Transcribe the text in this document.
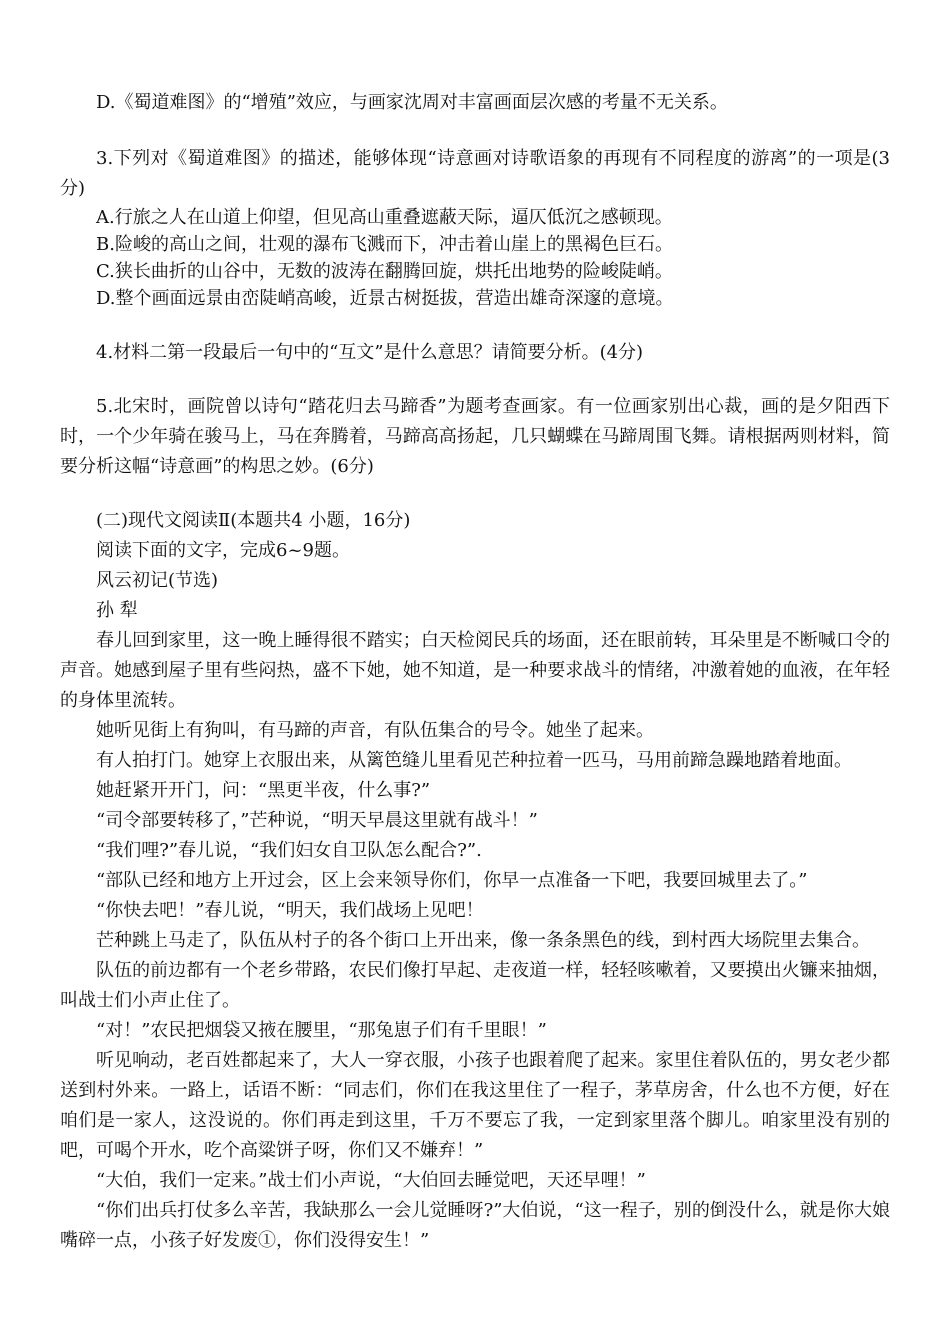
D.《蜀道难图》的“增殖”效应，与画家沈周对丰富画面层次感的考量不无关系。

3.下列对《蜀道难图》的描述，能够体现“诗意画对诗歌语象的再现有不同程度的游离”的一项是(3分)

A.行旅之人在山道上仰望，但见高山重叠遮蔽天际，逼仄低沉之感顿现。

B.险峻的高山之间，壮观的瀑布飞溅而下，冲击着山崖上的黑褐色巨石。

C.狭长曲折的山谷中，无数的波涛在翻腾回旋，烘托出地势的险峻陡峭。

D.整个画面远景由峦陡峭高峻，近景古树挺拔，营造出雄奇深邃的意境。

4.材料二第一段最后一句中的“互文”是什么意思？请简要分析。(4分)

5.北宋时，画院曾以诗句“踏花归去马蹄香”为题考查画家。有一位画家别出心裁，画的是夕阳西下时，一个少年骑在骏马上，马在奔腾着，马蹄高高扬起，几只蝴蝶在马蹄周围飞舞。请根据两则材料，简要分析这幅“诗意画”的构思之妙。(6分)

(二)现代文阅读Ⅱ(本题共4 小题，16分)

阅读下面的文字，完成6~9题。

风云初记(节选)

孙 犁

春儿回到家里，这一晚上睡得很不踏实；白天检阅民兵的场面，还在眼前转，耳朵里是不断喊口令的声音。她感到屋子里有些闷热，盛不下她，她不知道，是一种要求战斗的情绪，冲激着她的血液，在年轻的身体里流转。

她听见街上有狗叫，有马蹄的声音，有队伍集合的号令。她坐了起来。

有人拍打门。她穿上衣服出来，从篱笆缝儿里看见芒种拉着一匹马，马用前蹄急躁地踏着地面。

她赶紧开开门，问：“黑更半夜，什么事?”

“司令部要转移了，”芒种说，“明天早晨这里就有战斗！”

“我们哩?”春儿说，“我们妇女自卫队怎么配合?”.

“部队已经和地方上开过会，区上会来领导你们，你早一点准备一下吧，我要回城里去了。”

“你快去吧！”春儿说，“明天，我们战场上见吧！

芒种跳上马走了，队伍从村子的各个街口上开出来，像一条条黑色的线，到村西大场院里去集合。

队伍的前边都有一个老乡带路，农民们像打早起、走夜道一样，轻轻咳嗽着，又要摸出火镰来抽烟，叫战士们小声止住了。

“对！”农民把烟袋又掖在腰里，“那兔崽子们有千里眼！”

听见响动，老百姓都起来了，大人一穿衣服，小孩子也跟着爬了起来。家里住着队伍的，男女老少都送到村外来。一路上，话语不断：“同志们，你们在我这里住了一程子，茅草房舍，什么也不方便，好在咱们是一家人，这没说的。你们再走到这里，千万不要忘了我，一定到家里落个脚儿。咱家里没有别的吧，可喝个开水，吃个高粱饼子呀，你们又不嫌弃！”

“大伯，我们一定来。”战士们小声说，“大伯回去睡觉吧，天还早哩！”

“你们出兵打仗多么辛苦，我缺那么一会儿觉睡呀?”大伯说，“这一程子，别的倒没什么，就是你大娘嘴碎一点，小孩子好发废①，你们没得安生！”
